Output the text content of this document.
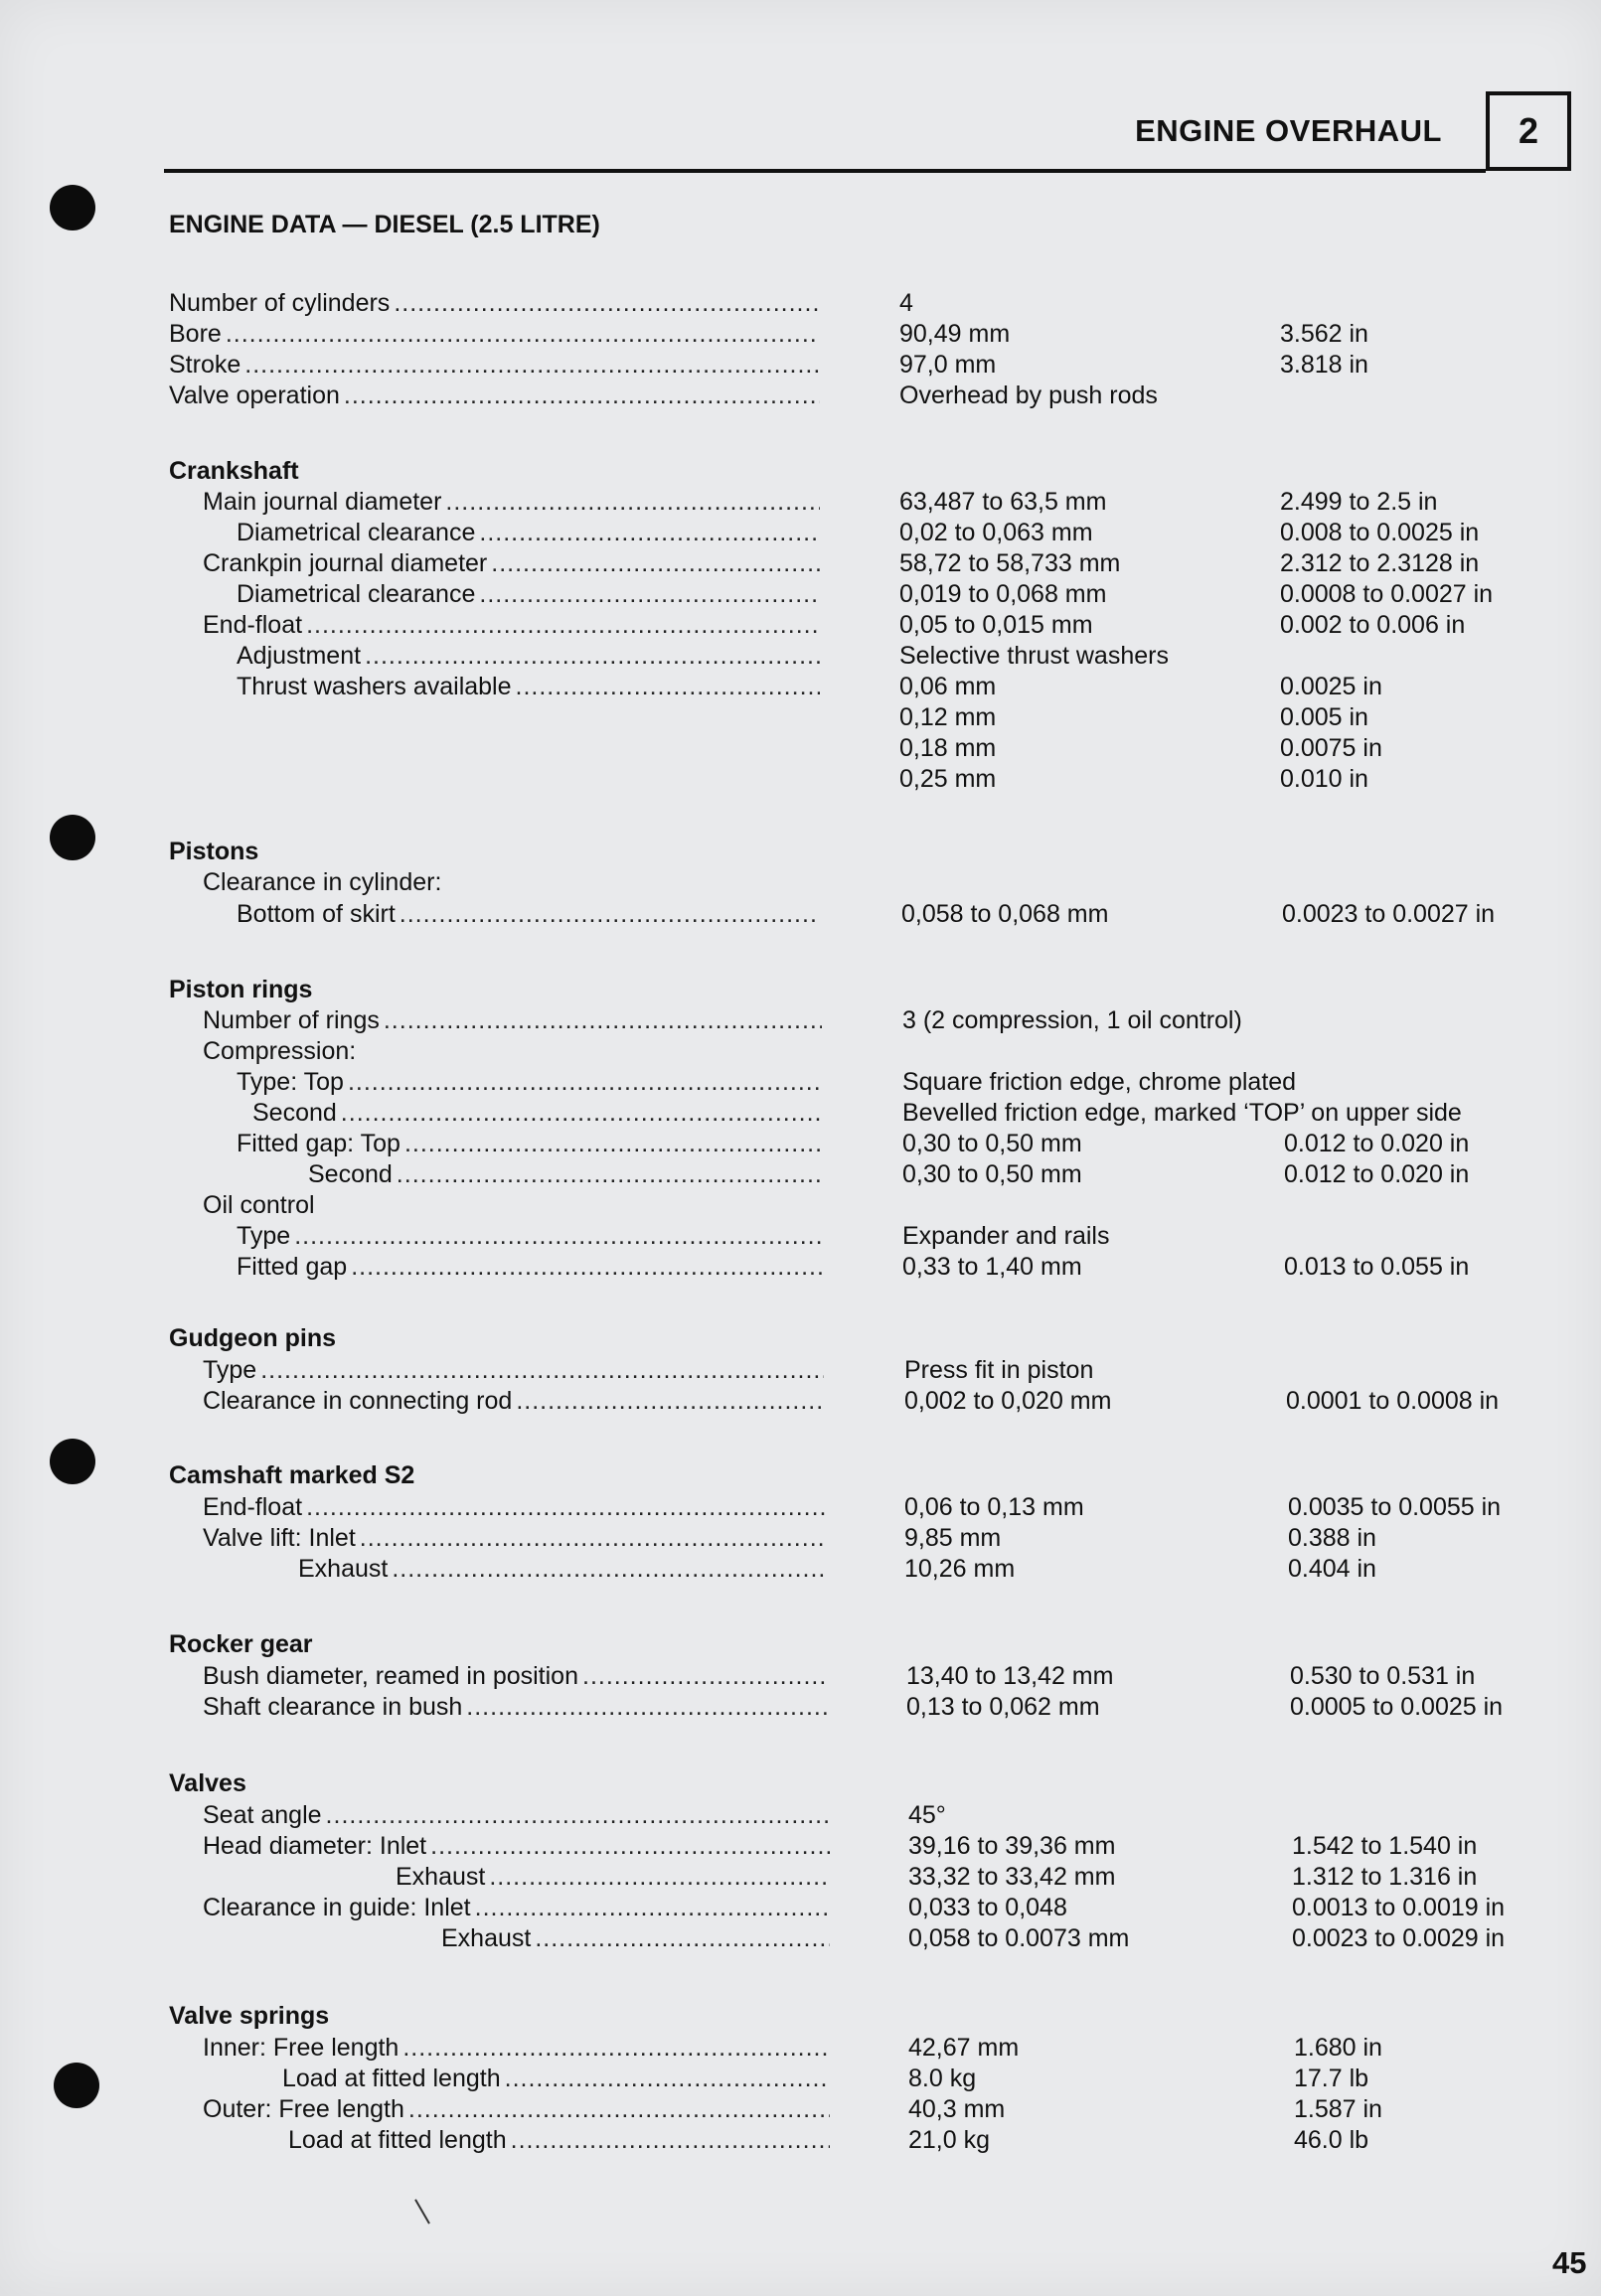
ENGINE OVERHAUL 2
ENGINE DATA — DIESEL (2.5 LITRE)
Number of cylinders .....	4
Bore .....	90,49 mm	3.562 in
Stroke .....	97,0 mm	3.818 in
Valve operation .....	Overhead by push rods
Crankshaft
Main journal diameter .....	63,487 to 63,5 mm	2.499 to 2.5 in
Diametrical clearance .....	0,02 to 0,063 mm	0.008 to 0.0025 in
Crankpin journal diameter .....	58,72 to 58,733 mm	2.312 to 2.3128 in
Diametrical clearance .....	0,019 to 0,068 mm	0.0008 to 0.0027 in
End-float .....	0,05 to 0,015 mm	0.002 to 0.006 in
Adjustment .....	Selective thrust washers
Thrust washers available .....	0,06 mm	0.0025 in
0,12 mm	0.005 in
0,18 mm	0.0075 in
0,25 mm	0.010 in
Pistons
Clearance in cylinder:
Bottom of skirt .....	0,058 to 0,068 mm	0.0023 to 0.0027 in
Piston rings
Number of rings .....	3 (2 compression, 1 oil control)
Compression:
Type: Top .....	Square friction edge, chrome plated
Second .....	Bevelled friction edge, marked ‘TOP’ on upper side
Fitted gap: Top .....	0,30 to 0,50 mm	0.012 to 0.020 in
Second .....	0,30 to 0,50 mm	0.012 to 0.020 in
Oil control
Type .....	Expander and rails
Fitted gap .....	0,33 to 1,40 mm	0.013 to 0.055 in
Gudgeon pins
Type .....	Press fit in piston
Clearance in connecting rod .....	0,002 to 0,020 mm	0.0001 to 0.0008 in
Camshaft marked S2
End-float .....	0,06 to 0,13 mm	0.0035 to 0.0055 in
Valve lift: Inlet .....	9,85 mm	0.388 in
Exhaust .....	10,26 mm	0.404 in
Rocker gear
Bush diameter, reamed in position .....	13,40 to 13,42 mm	0.530 to 0.531 in
Shaft clearance in bush .....	0,13 to 0,062 mm	0.0005 to 0.0025 in
Valves
Seat angle .....	45°
Head diameter: Inlet .....	39,16 to 39,36 mm	1.542 to 1.540 in
Exhaust .....	33,32 to 33,42 mm	1.312 to 1.316 in
Clearance in guide: Inlet .....	0,033 to 0,048	0.0013 to 0.0019 in
Exhaust .....	0,058 to 0.0073 mm	0.0023 to 0.0029 in
Valve springs
Inner: Free length .....	42,67 mm	1.680 in
Load at fitted length .....	8.0 kg	17.7 lb
Outer: Free length .....	40,3 mm	1.587 in
Load at fitted length .....	21,0 kg	46.0 lb
45
